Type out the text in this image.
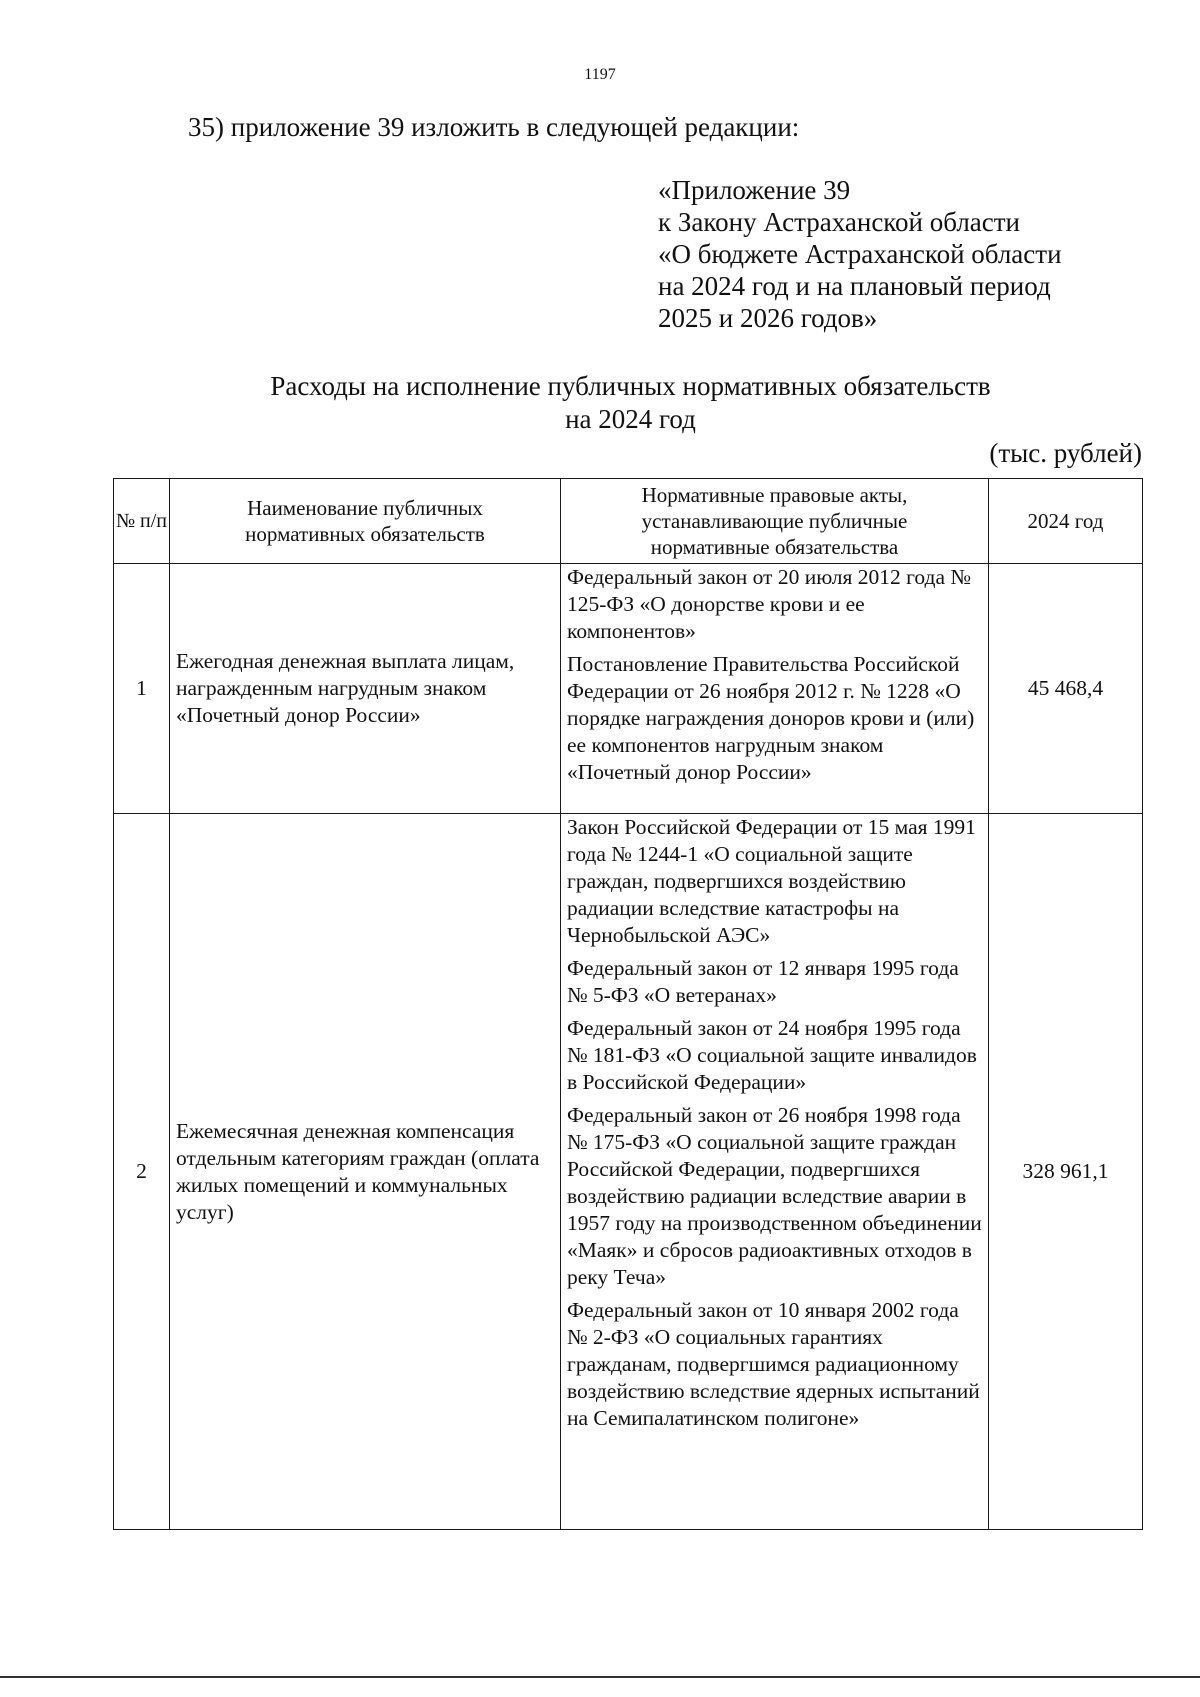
1197
35) приложение 39 изложить в следующей редакции:
«Приложение 39
к Закону Астраханской области
«О бюджете Астраханской области
на 2024 год и на плановый период
2025 и 2026 годов»
Расходы на исполнение публичных нормативных обязательств
на 2024 год
(тыс. рублей)
№ п/п	Наименование публичных нормативных обязательств	Нормативные правовые акты, устанавливающие публичные нормативные обязательства	2024 год
1	Ежегодная денежная выплата лицам, награжденным нагрудным знаком «Почетный донор России»	Федеральный закон от 20 июля 2012 года № 125-ФЗ «О донорстве крови и ее компонентов»
Постановление Правительства Российской Федерации от 26 ноября 2012 г. № 1228 «О порядке награждения доноров крови и (или) ее компонентов нагрудным знаком «Почетный донор России»	45 468,4
2	Ежемесячная денежная компенсация отдельным категориям граждан (оплата жилых помещений и коммунальных услуг)	Закон Российской Федерации от 15 мая 1991 года № 1244-1 «О социальной защите граждан, подвергшихся воздействию радиации вследствие катастрофы на Чернобыльской АЭС»
Федеральный закон от 12 января 1995 года № 5-ФЗ «О ветеранах»
Федеральный закон от 24 ноября 1995 года № 181-ФЗ «О социальной защите инвалидов в Российской Федерации»
Федеральный закон от 26 ноября 1998 года № 175-ФЗ «О социальной защите граждан Российской Федерации, подвергшихся воздействию радиации вследствие аварии в 1957 году на производственном объединении «Маяк» и сбросов радиоактивных отходов в реку Теча»
Федеральный закон от 10 января 2002 года № 2-ФЗ «О социальных гарантиях гражданам, подвергшимся радиационному воздействию вследствие ядерных испытаний на Семипалатинском полигоне»	328 961,1
